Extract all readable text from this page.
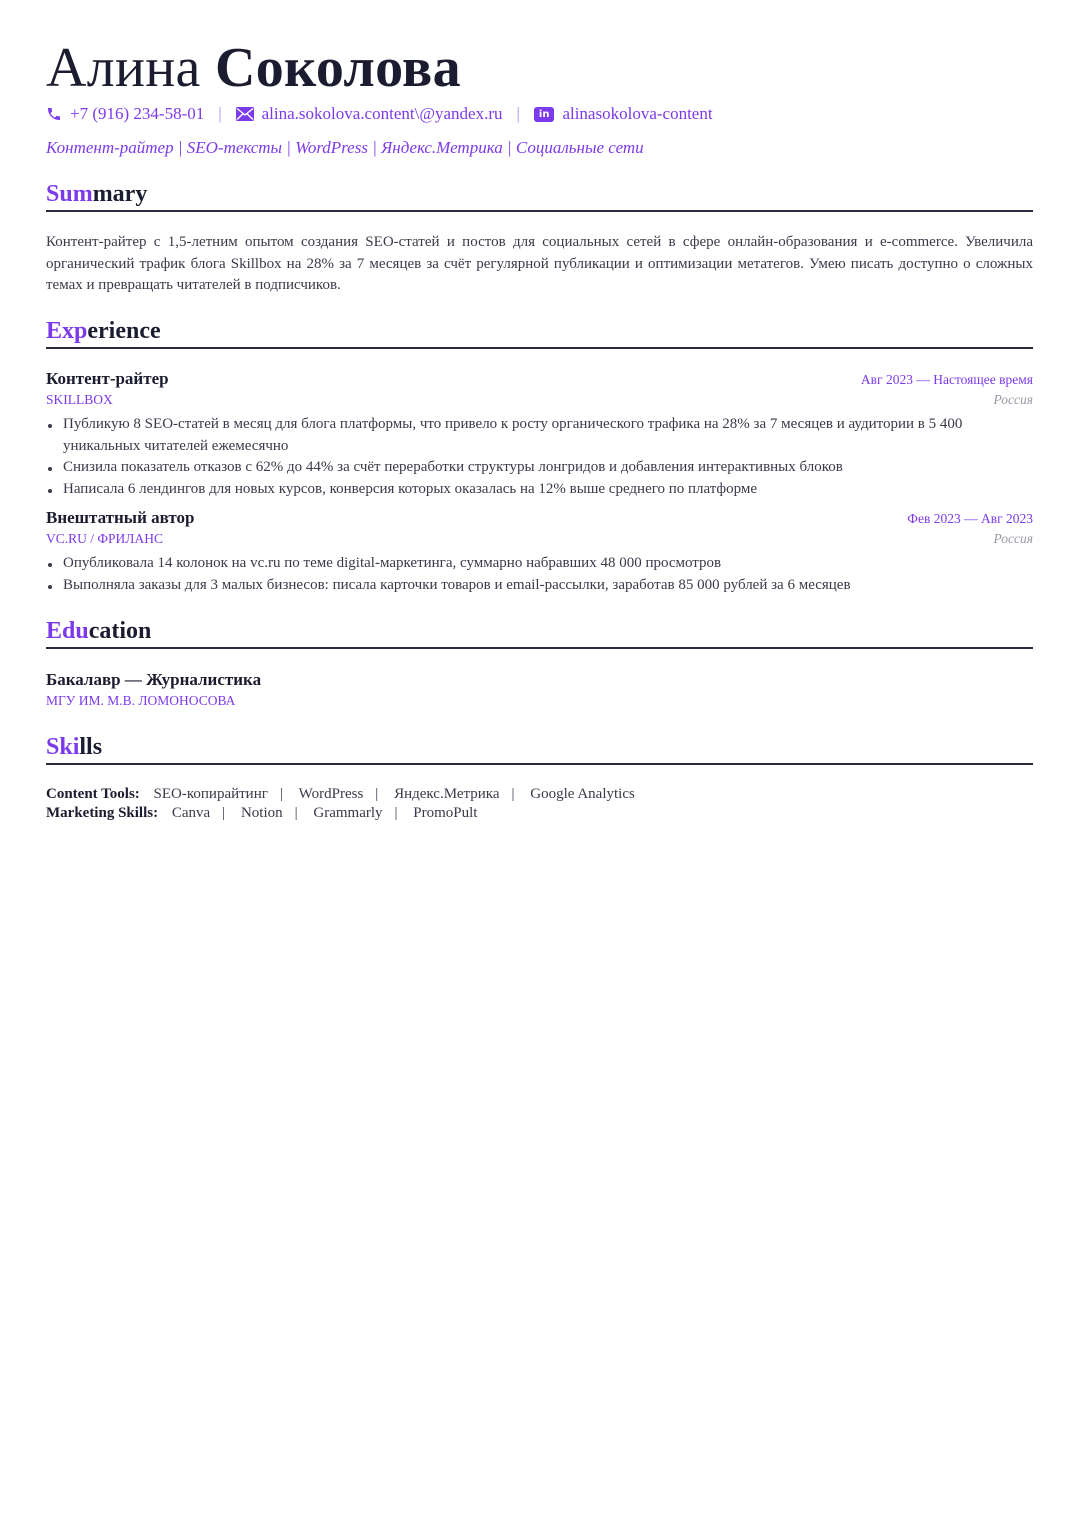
Алина Соколова
+7 (916) 234-58-01 | alina.sokolova.content\@yandex.ru |	in alinasokolova-content
Контент-райтер | SEO-тексты | WordPress | Яндекс.Метрика | Социальные сети
Summary
Контент-райтер с 1,5-летним опытом создания SEO-статей и постов для социальных сетей в сфере онлайн-образования и e-commerce. Увеличила органический трафик блога Skillbox на 28% за 7 месяцев за счёт регулярной публикации и оптимизации метатегов. Умею писать доступно о сложных темах и превращать читателей в подписчиков.
Experience
Контент-райтер
SKILLBOX
Авг 2023 — Настоящее время
Россия
Публикую 8 SEO-статей в месяц для блога платформы, что привело к росту органического трафика на 28% за 7 месяцев и аудитории в 5 400 уникальных читателей ежемесячно
Снизила показатель отказов с 62% до 44% за счёт переработки структуры лонгридов и добавления интерактивных блоков
Написала 6 лендингов для новых курсов, конверсия которых оказалась на 12% выше среднего по платформе
Внештатный автор
VC.RU / ФРИЛАНС
Фев 2023 — Авг 2023
Россия
Опубликовала 14 колонок на vc.ru по теме digital-маркетинга, суммарно набравших 48 000 просмотров
Выполняла заказы для 3 малых бизнесов: писала карточки товаров и email-рассылки, заработав 85 000 рублей за 6 месяцев
Education
Бакалавр — Журналистика
МГУ ИМ. М.В. ЛОМОНОСОВА
Skills
Content Tools: SEO-копирайтинг | WordPress | Яндекс.Метрика | Google Analytics
Marketing Skills: Canva | Notion | Grammarly | PromoPult
